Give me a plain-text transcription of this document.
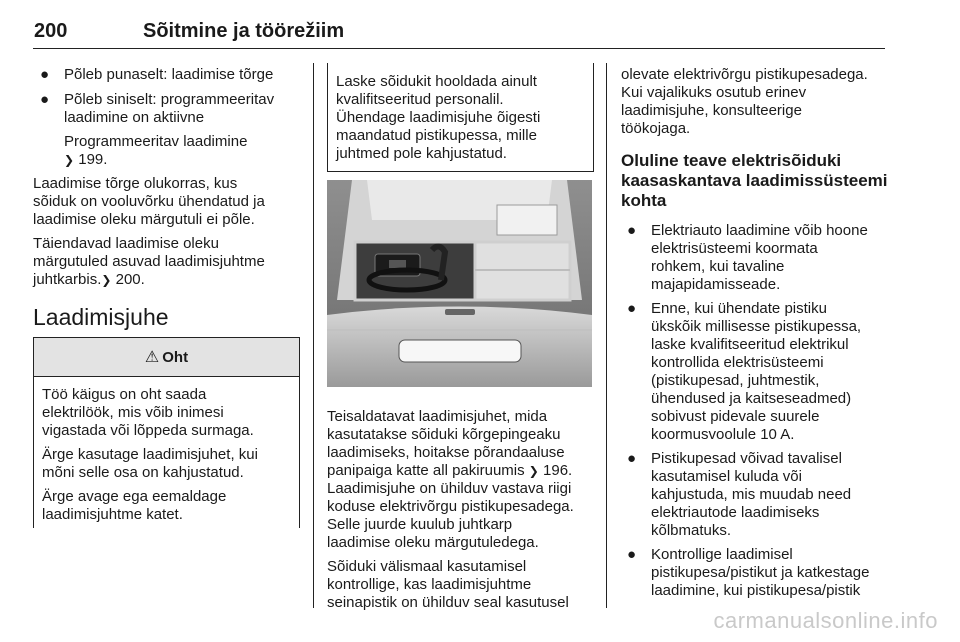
200	Sõitmine ja töörežiim
● Põleb punaselt: laadimise tõrge

● Põleb siniselt: programmeeritav

laadimine on aktiivne

Programmeeritav laadimine

❯ 199.

Laadimise tõrge olukorras, kus

sõiduk on vooluvõrku ühendatud ja

laadimise oleku märgutuli ei põle.

Täiendavad laadimise oleku

märgutuled asuvad laadimisjuhtme

juhtkarbis.❯ 200.

Laadimisjuhe
⚠ Oht

Töö käigus on oht saada

elektrilöök, mis võib inimesi

vigastada või lõppeda surmaga.

Ärge kasutage laadimisjuhet, kui

mõni selle osa on kahjustatud.

Ärge avage ega eemaldage

laadimisjuhtme katet.

Laske sõidukit hooldada ainult

kvalifitseeritud personalil.

Ühendage laadimisjuhe õigesti

maandatud pistikupessa, mille

juhtmed pole kahjustatud.

Teisaldatavat laadimisjuhet, mida

kasutatakse sõiduki kõrgepingeaku

laadimiseks, hoitakse põrandaaluse

panipaiga katte all pakiruumis ❯ 196.

Laadimisjuhe on ühilduv vastava riigi

koduse elektrivõrgu pistikupesadega.

Selle juurde kuulub juhtkarp

laadimise oleku märgutuledega.

Sõiduki välismaal kasutamisel

kontrollige, kas laadimisjuhtme

seinapistik on ühilduv seal kasutusel

olevate elektrivõrgu pistikupesadega.

Kui vajalikuks osutub erinev

laadimisjuhe, konsulteerige

töökojaga.

Oluline teave elektrisõiduki
kaasaskantava laadimissüsteemi
kohta
● Elektriauto laadimine võib hoone

elektrisüsteemi koormata

rohkem, kui tavaline

majapidamisseade.

● Enne, kui ühendate pistiku

ükskõik millisesse pistikupessa,

laske kvalifitseeritud elektrikul

kontrollida elektrisüsteemi

(pistikupesad, juhtmestik,

ühendused ja kaitseseadmed)

sobivust pidevale suurele

koormusvoolule 10 A.

● Pistikupesad võivad tavalisel

kasutamisel kuluda või

kahjustuda, mis muudab need

elektriautode laadimiseks

kõlbmatuks.

● Kontrollige laadimisel

pistikupesa/pistikut ja katkestage

laadimine, kui pistikupesa/pistik

carmanualsonline.info
